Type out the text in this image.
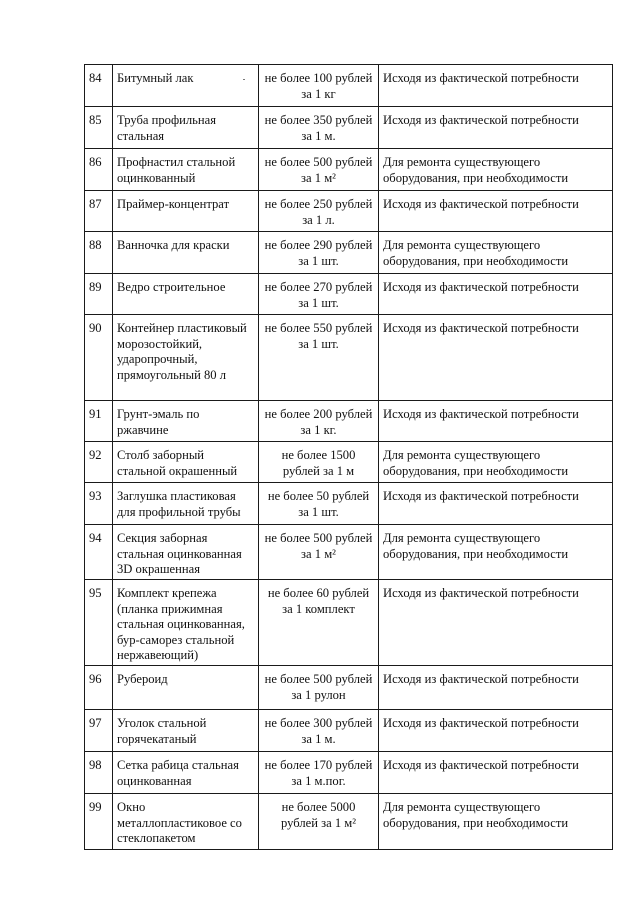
84	Битумный лак	не более 100 рублей за 1 кг	Исходя из фактической потребности
85	Труба профильная стальная	не более 350 рублей за 1 м.	Исходя из фактической потребности
86	Профнастил стальной оцинкованный	не более 500 рублей за 1 м²	Для ремонта существующего оборудования, при необходимости
87	Праймер-концентрат	не более 250 рублей за 1 л.	Исходя из фактической потребности
88	Ванночка для краски	не более 290 рублей за 1 шт.	Для ремонта существующего оборудования, при необходимости
89	Ведро строительное	не более 270 рублей за 1 шт.	Исходя из фактической потребности
90	Контейнер пластиковый морозостойкий, ударопрочный, прямоугольный 80 л	не более 550 рублей за 1 шт.	Исходя из фактической потребности
91	Грунт-эмаль по ржавчине	не более 200 рублей за 1 кг.	Исходя из фактической потребности
92	Столб заборный стальной окрашенный	не более 1500 рублей за 1 м	Для ремонта существующего оборудования, при необходимости
93	Заглушка пластиковая для профильной трубы	не более 50 рублей за 1 шт.	Исходя из фактической потребности
94	Секция заборная стальная оцинкованная 3D окрашенная	не более 500 рублей за 1 м²	Для ремонта существующего оборудования, при необходимости
95	Комплект крепежа (планка прижимная стальная оцинкованная, бур-саморез стальной нержавеющий)	не более 60 рублей за 1 комплект	Исходя из фактической потребности
96	Рубероид	не более 500 рублей за 1 рулон	Исходя из фактической потребности
97	Уголок стальной горячекатаный	не более 300 рублей за 1 м.	Исходя из фактической потребности
98	Сетка рабица стальная оцинкованная	не более 170 рублей за 1 м.пог.	Исходя из фактической потребности
99	Окно металлопластиковое со стеклопакетом	не более 5000 рублей за 1 м²	Для ремонта существующего оборудования, при необходимости
